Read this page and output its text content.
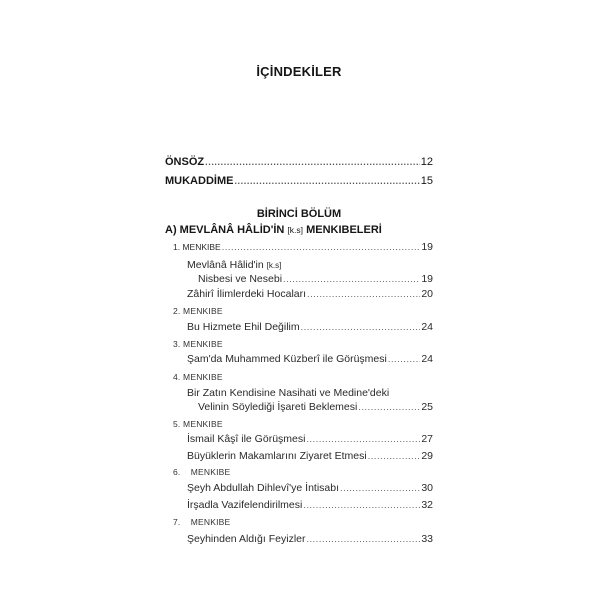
İÇİNDEKİLER
ÖNSÖZ .....	12
MUKADDİME .....	15
BİRİNCİ BÖLÜM
A) MEVLÂNÂ HÂLİD'İN [k.s] MENKIBELERİ
1. MENKIBE .....	19
Mevlânâ Hâlid'in [k.s]
Nisbesi ve Nesebi .....	19
Zâhirî İlimlerdeki Hocaları .....	20
2. MENKIBE
Bu Hizmete Ehil Değilim .....	24
3. MENKIBE
Şam'da Muhammed Küzberî ile Görüşmesi .....	24
4. MENKIBE
Bir Zatın Kendisine Nasihati ve Medine'deki
Velinin Söylediği İşareti Beklemesi .....	25
5. MENKIBE
İsmail Kâşî ile Görüşmesi .....	27
Büyüklerin Makamlarını Ziyaret Etmesi .....	29
6.    MENKIBE
Şeyh Abdullah Dihlevî'ye İntisabı .....	30
İrşadla Vazifelendirilmesi .....	32
7.    MENKIBE
Şeyhinden Aldığı Feyizler .....	33
